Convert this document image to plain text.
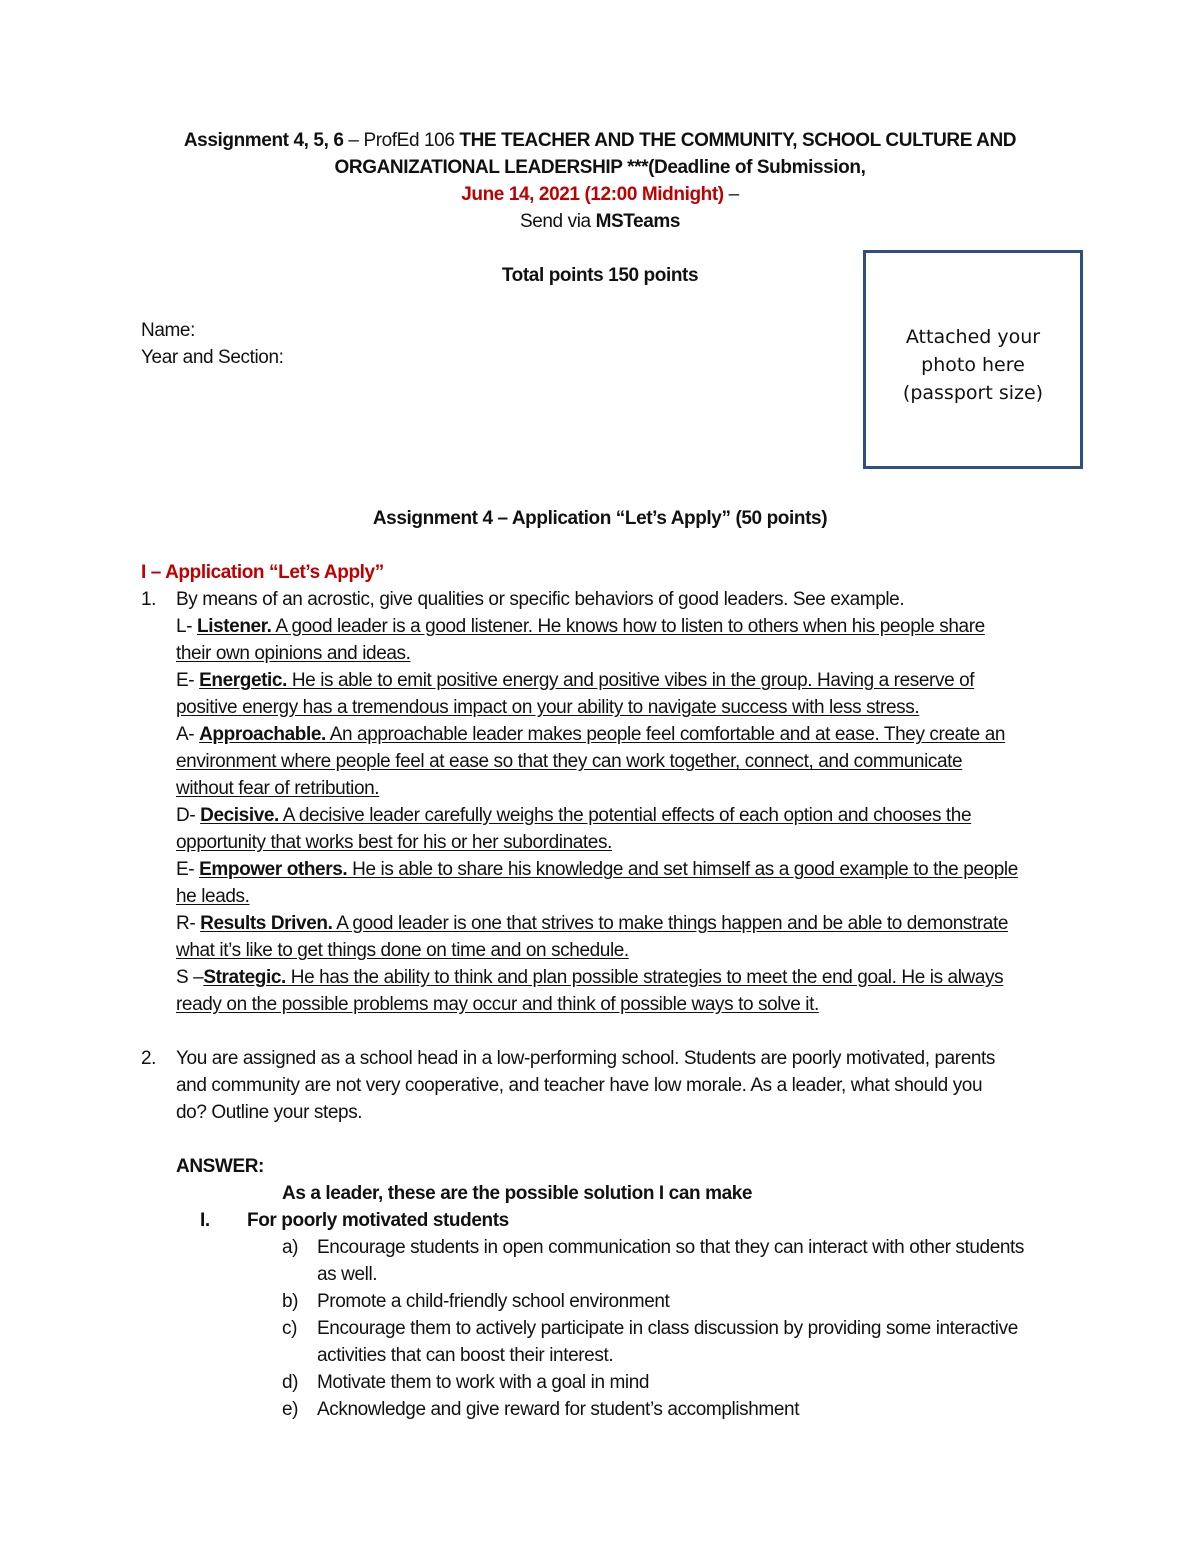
Assignment 4, 5, 6 – ProfEd 106 THE TEACHER AND THE COMMUNITY, SCHOOL CULTURE AND
ORGANIZATIONAL LEADERSHIP ***(Deadline of Submission,
June 14, 2021 (12:00 Midnight) –
Send via MSTeams
Total points 150 points
Name:
Year and Section:
Attached your
photo here
(passport size)
Assignment 4 – Application “Let’s Apply” (50 points)
I – Application “Let’s Apply”
1. By means of an acrostic, give qualities or specific behaviors of good leaders. See example.
L- Listener. A good leader is a good listener. He knows how to listen to others when his people share
their own opinions and ideas.
E- Energetic. He is able to emit positive energy and positive vibes in the group. Having a reserve of
positive energy has a tremendous impact on your ability to navigate success with less stress.
A- Approachable. An approachable leader makes people feel comfortable and at ease. They create an
environment where people feel at ease so that they can work together, connect, and communicate
without fear of retribution.
D- Decisive. A decisive leader carefully weighs the potential effects of each option and chooses the
opportunity that works best for his or her subordinates.
E- Empower others. He is able to share his knowledge and set himself as a good example to the people
he leads.
R- Results Driven. A good leader is one that strives to make things happen and be able to demonstrate
what it’s like to get things done on time and on schedule.
S –Strategic. He has the ability to think and plan possible strategies to meet the end goal. He is always
ready on the possible problems may occur and think of possible ways to solve it.
2. You are assigned as a school head in a low-performing school. Students are poorly motivated, parents
and community are not very cooperative, and teacher have low morale. As a leader, what should you
do? Outline your steps.
ANSWER:
As a leader, these are the possible solution I can make
I. For poorly motivated students
a) Encourage students in open communication so that they can interact with other students
as well.
b) Promote a child-friendly school environment
c) Encourage them to actively participate in class discussion by providing some interactive
activities that can boost their interest.
d) Motivate them to work with a goal in mind
e) Acknowledge and give reward for student’s accomplishment
